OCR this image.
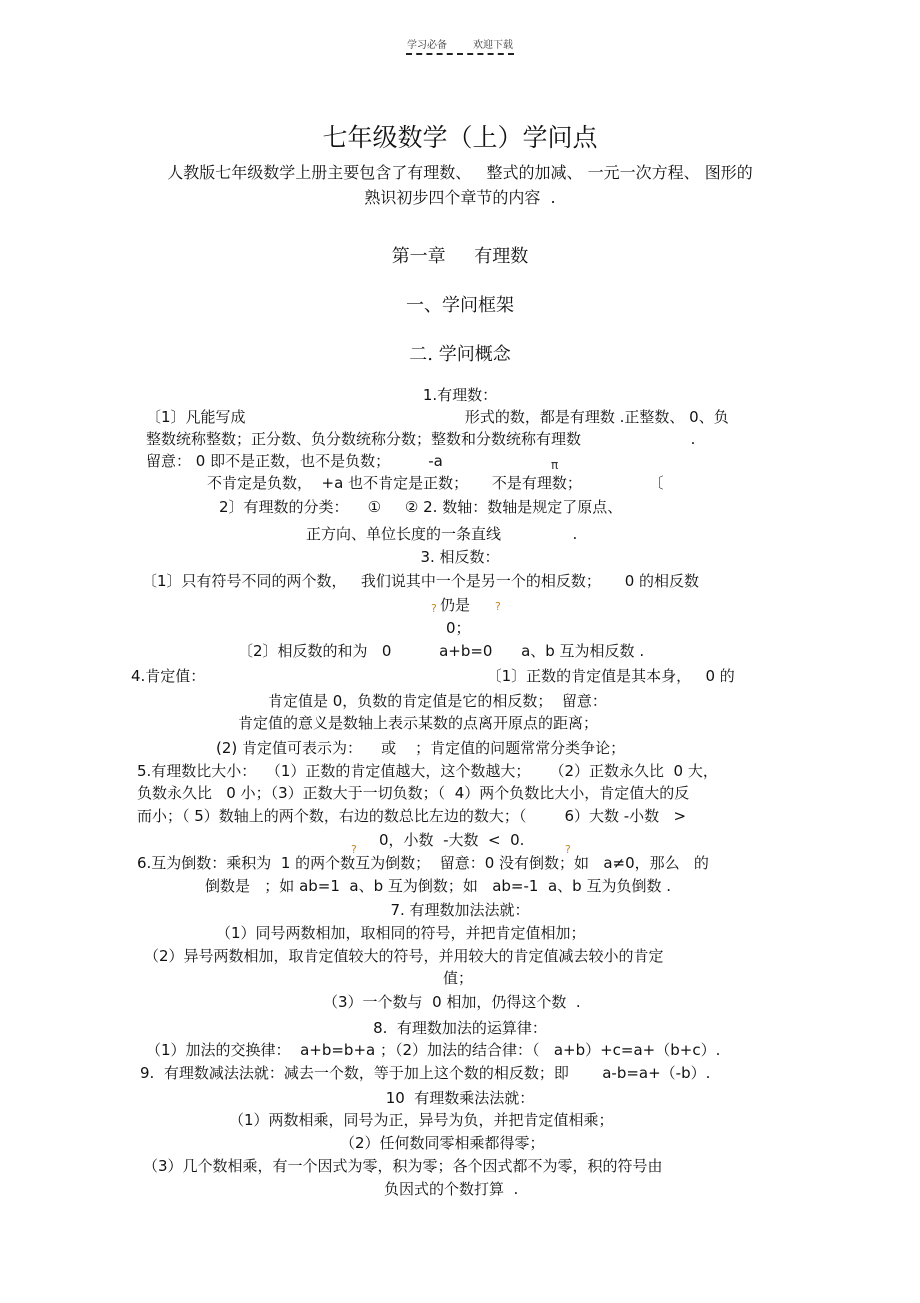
学习必备	欢迎下载
七年级数学（上）学问点
人教版七年级数学上册主要包含了有理数、   整式的加减、 一元一次方程、 图形的
熟识初步四个章节的内容  .
第一章     有理数
一、学问框架
二. 学问概念
1.有理数：
〔1〕凡能写成                                              形式的数，都是有理数 .正整数、 0、负
整数统称整数；正分数、负分数统称分数；整数和分数统称有理数                       .
留意： 0 即不是正数，也不是负数；        -a	π
不肯定是负数，  +a 也不肯定是正数；     不是有理数；              〔
2〕有理数的分类：    ①     ② 2. 数轴：数轴是规定了原点、
正方向、单位长度的一条直线               .
3. 相反数：
〔1〕只有符号不同的两个数，   我们说其中一个是另一个的相反数；     0 的相反数
? 仍是 ?
0；
〔2〕相反数的和为   0          a+b=0      a、b 互为相反数 .
4.肯定值：                                                           〔1〕正数的肯定值是其本身，   0 的
肯定值是 0，负数的肯定值是它的相反数；  留意：
肯定值的意义是数轴上表示某数的点离开原点的距离；
(2) 肯定值可表示为：    或    ；肯定值的问题常常分类争论；
5.有理数比大小：  （1）正数的肯定值越大，这个数越大；    （2）正数永久比  0 大，
负数永久比   0 小；（3）正数大于一切负数；（  4）两个负数比大小，肯定值大的反
而小；（ 5）数轴上的两个数，右边的数总比左边的数大；（        6）大数 -小数   >
0，小数  -大数  <  0.
?	?
6.互为倒数：乘积为  1 的两个数互为倒数；  留意：0 没有倒数；如   a≠0，那么   的
倒数是   ；如 ab=1  a、b 互为倒数；如   ab=-1  a、b 互为负倒数 .
7. 有理数加法法就：
（1）同号两数相加，取相同的符号，并把肯定值相加；
（2）异号两数相加，取肯定值较大的符号，并用较大的肯定值减去较小的肯定
值；
（3）一个数与  0 相加，仍得这个数  .
8.  有理数加法的运算律：
（1）加法的交换律：  a+b=b+a ；（2）加法的结合律：（   a+b）+c=a+（b+c）.
9.  有理数减法法就：减去一个数，等于加上这个数的相反数；即       a-b=a+（-b）.
10  有理数乘法法就：
（1）两数相乘，同号为正，异号为负，并把肯定值相乘；
（2）任何数同零相乘都得零；
（3）几个数相乘，有一个因式为零，积为零；各个因式都不为零，积的符号由
负因式的个数打算  .
